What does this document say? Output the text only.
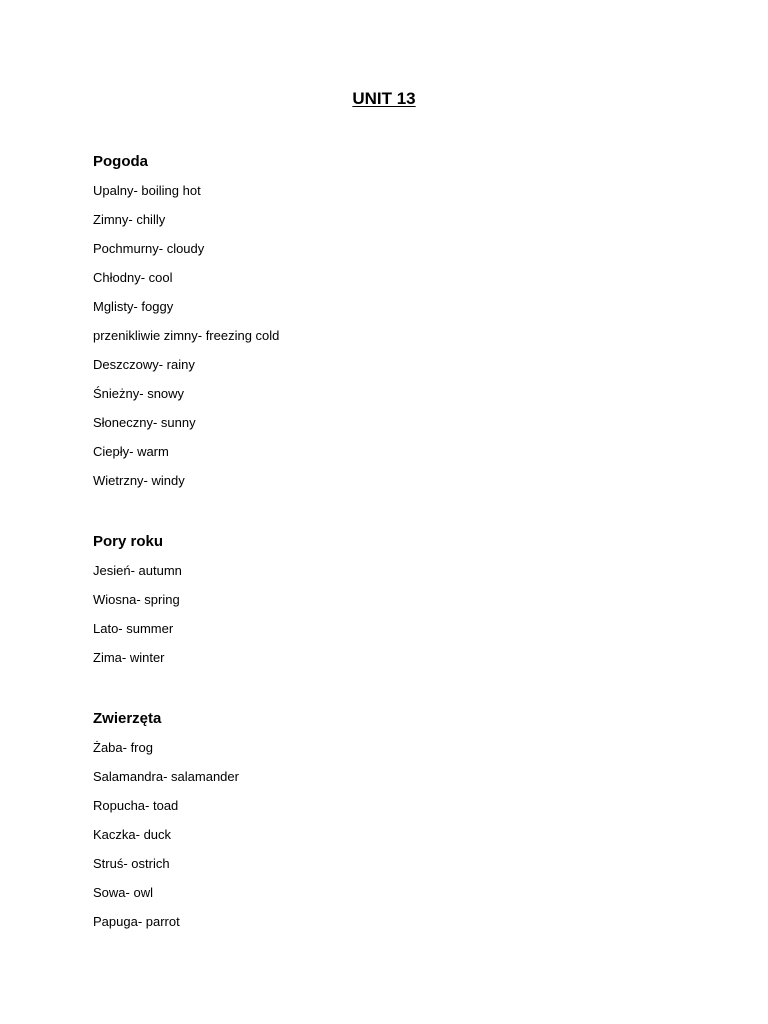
UNIT 13
Pogoda
Upalny- boiling hot
Zimny- chilly
Pochmurny- cloudy
Chłodny- cool
Mglisty- foggy
przenikliwie zimny- freezing cold
Deszczowy- rainy
Śnieżny- snowy
Słoneczny- sunny
Ciepły- warm
Wietrzny- windy
Pory roku
Jesień- autumn
Wiosna- spring
Lato- summer
Zima- winter
Zwierzęta
Żaba- frog
Salamandra- salamander
Ropucha- toad
Kaczka- duck
Struś- ostrich
Sowa- owl
Papuga- parrot
